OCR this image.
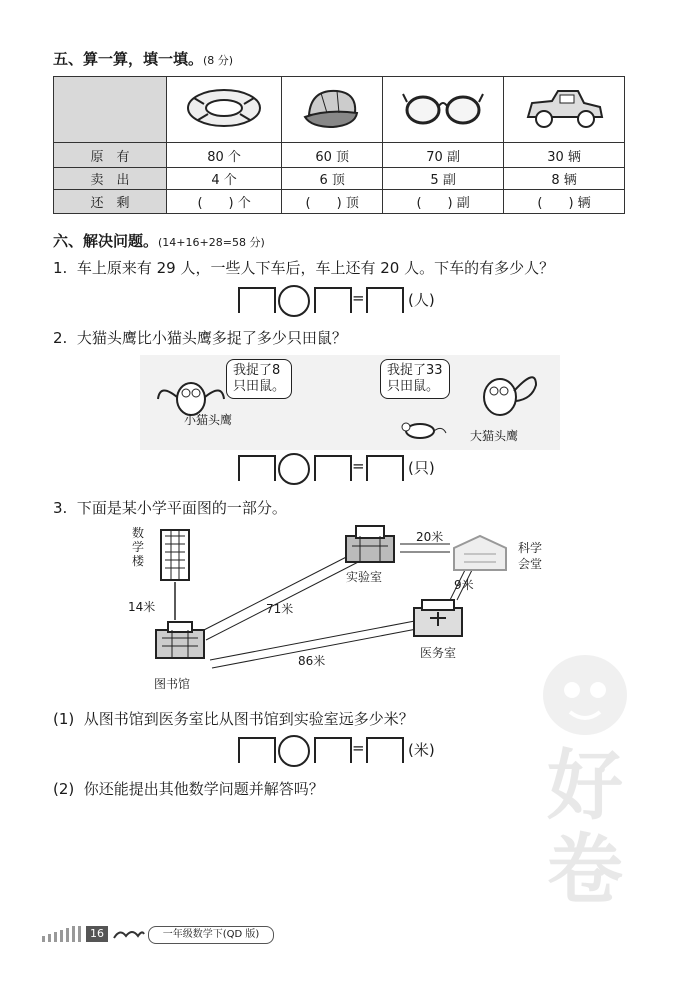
五、算一算，填一填。(8 分)

原　有	80 个	60 顶	70 副	30 辆
卖　出	4 个	6 顶	5 副	8 辆
还　剩	(   ) 个	(   ) 顶	(   ) 副	(   ) 辆
六、解决问题。(14+16+28=58 分)
1. 车上原来有 29 人，一些人下车后，车上还有 20 人。下车的有多少人？
=	(人)
2. 大猫头鹰比小猫头鹰多捉了多少只田鼠？
我捉了8
只田鼠。
小猫头鹰
我捉了33
只田鼠。
大猫头鹰
=	(只)
3. 下面是某小学平面图的一部分。
数学楼
14米
图书馆
71米
86米
实验室
20米
科学会堂
9米
医务室
(1) 从图书馆到医务室比从图书馆到实验室远多少米？
=	(米)
(2) 你还能提出其他数学问题并解答吗？	好
卷
16	一年级数学下(QD 版)
